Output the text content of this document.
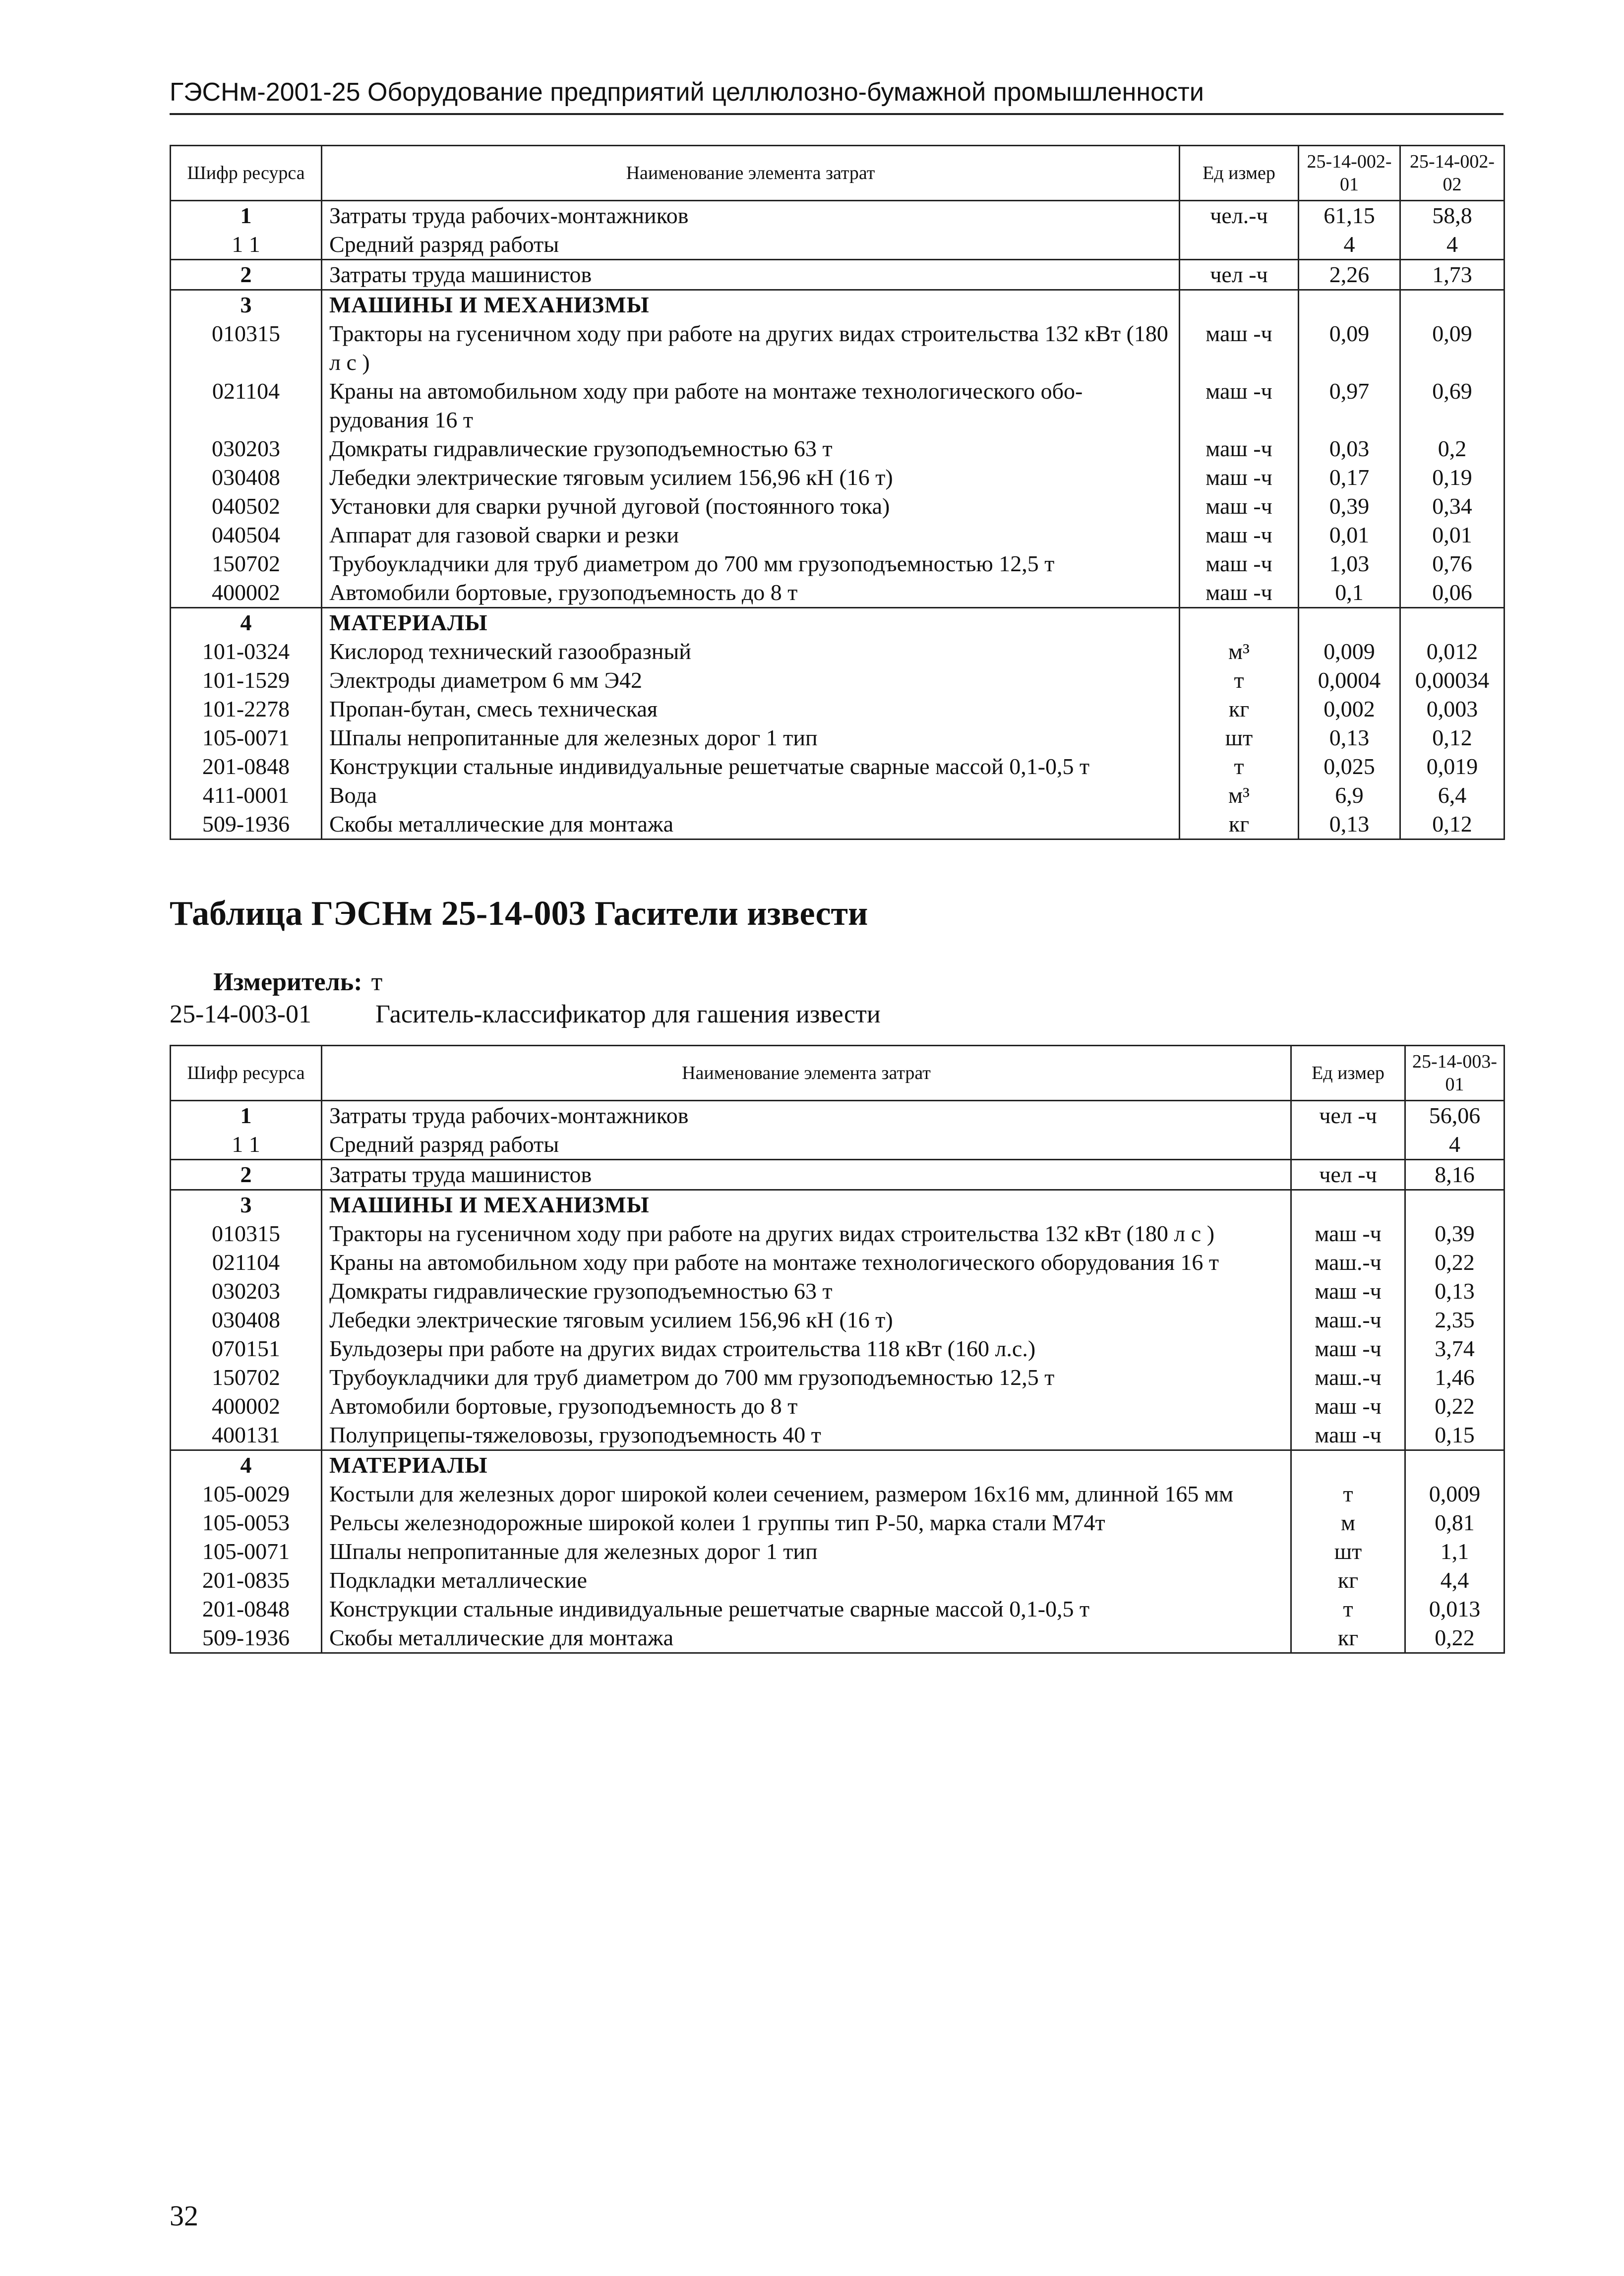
ГЭСНм-2001-25 Оборудование предприятий целлюлозно-бумажной промышленности
Шифр ресурса	Наименование элемента затрат	Ед измер	25-14-002-01	25-14-002-02
1	Затраты труда рабочих-монтажников	чел.-ч	61,15	58,8
1 1	Средний разряд работы		4	4
2	Затраты труда машинистов	чел -ч	2,26	1,73
3	МАШИНЫ И МЕХАНИЗМЫ			
010315	Тракторы на гусеничном ходу при работе на других видах строительства 132 кВт (180 л с )	маш -ч	0,09	0,09
021104	Краны на автомобильном ходу при работе на монтаже технологического обо-рудования 16 т	маш -ч	0,97	0,69
030203	Домкраты гидравлические грузоподъемностью 63 т	маш -ч	0,03	0,2
030408	Лебедки электрические тяговым усилием 156,96 кН (16 т)	маш -ч	0,17	0,19
040502	Установки для сварки ручной дуговой (постоянного тока)	маш -ч	0,39	0,34
040504	Аппарат для газовой сварки и резки	маш -ч	0,01	0,01
150702	Трубоукладчики для труб диаметром до 700 мм грузоподъемностью 12,5 т	маш -ч	1,03	0,76
400002	Автомобили бортовые, грузоподъемность до 8 т	маш -ч	0,1	0,06
4	МАТЕРИАЛЫ			
101-0324	Кислород технический газообразный	м³	0,009	0,012
101-1529	Электроды диаметром 6 мм Э42	т	0,0004	0,00034
101-2278	Пропан-бутан, смесь техническая	кг	0,002	0,003
105-0071	Шпалы непропитанные для железных дорог 1 тип	шт	0,13	0,12
201-0848	Конструкции стальные индивидуальные решетчатые сварные массой 0,1-0,5 т	т	0,025	0,019
411-0001	Вода	м³	6,9	6,4
509-1936	Скобы металлические для монтажа	кг	0,13	0,12
Таблица ГЭСНм 25-14-003 Гасители извести
Измеритель: т
25-14-003-01 Гаситель-классификатор для гашения извести
Шифр ресурса	Наименование элемента затрат	Ед измер	25-14-003-01
1	Затраты труда рабочих-монтажников	чел -ч	56,06
1 1	Средний разряд работы		4
2	Затраты труда машинистов	чел -ч	8,16
3	МАШИНЫ И МЕХАНИЗМЫ		
010315	Тракторы на гусеничном ходу при работе на других видах строительства 132 кВт (180 л с )	маш -ч	0,39
021104	Краны на автомобильном ходу при работе на монтаже технологического оборудования 16 т	маш.-ч	0,22
030203	Домкраты гидравлические грузоподъемностью 63 т	маш -ч	0,13
030408	Лебедки электрические тяговым усилием 156,96 кН (16 т)	маш.-ч	2,35
070151	Бульдозеры при работе на других видах строительства 118 кВт (160 л.с.)	маш -ч	3,74
150702	Трубоукладчики для труб диаметром до 700 мм грузоподъемностью 12,5 т	маш.-ч	1,46
400002	Автомобили бортовые, грузоподъемность до 8 т	маш -ч	0,22
400131	Полуприцепы-тяжеловозы, грузоподъемность 40 т	маш -ч	0,15
4	МАТЕРИАЛЫ		
105-0029	Костыли для железных дорог широкой колеи сечением, размером 16х16 мм, длинной 165 мм	т	0,009
105-0053	Рельсы железнодорожные широкой колеи 1 группы тип Р-50, марка стали М74т	м	0,81
105-0071	Шпалы непропитанные для железных дорог 1 тип	шт	1,1
201-0835	Подкладки металлические	кг	4,4
201-0848	Конструкции стальные индивидуальные решетчатые сварные массой 0,1-0,5 т	т	0,013
509-1936	Скобы металлические для монтажа	кг	0,22
32
